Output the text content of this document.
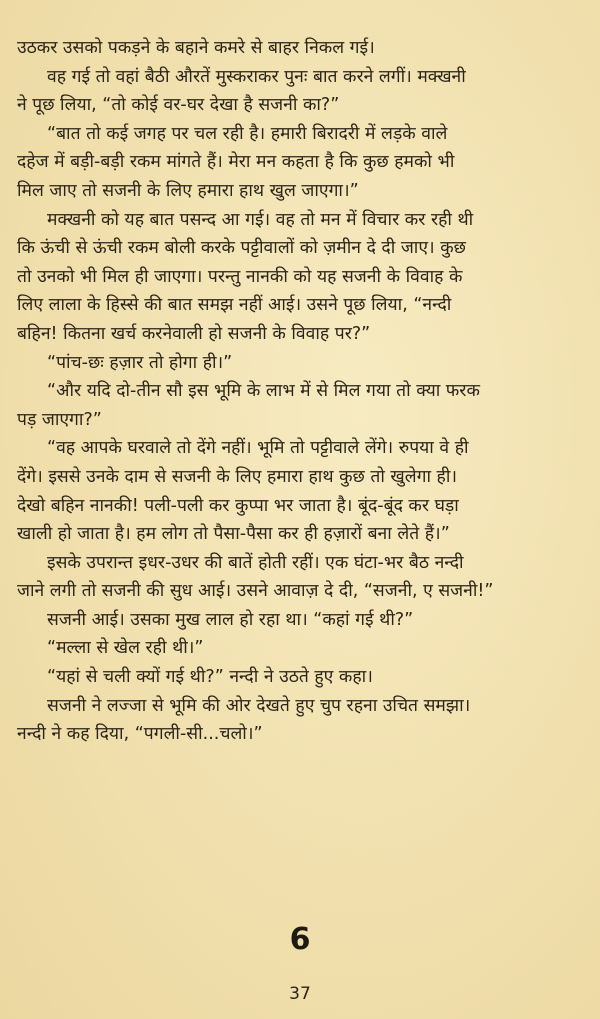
उठकर उसको पकड़ने के बहाने कमरे से बाहर निकल गई।
वह गई तो वहां बैठी औरतें मुस्कराकर पुनः बात करने लगीं। मक्खनी
ने पूछ लिया, “तो कोई वर-घर देखा है सजनी का?”
“बात तो कई जगह पर चल रही है। हमारी बिरादरी में लड़के वाले
दहेज में बड़ी-बड़ी रकम मांगते हैं। मेरा मन कहता है कि कुछ हमको भी
मिल जाए तो सजनी के लिए हमारा हाथ खुल जाएगा।”
मक्खनी को यह बात पसन्द आ गई। वह तो मन में विचार कर रही थी
कि ऊंची से ऊंची रकम बोली करके पट्टीवालों को ज़मीन दे दी जाए। कुछ
तो उनको भी मिल ही जाएगा। परन्तु नानकी को यह सजनी के विवाह के
लिए लाला के हिस्से की बात समझ नहीं आई। उसने पूछ लिया, “नन्दी
बहिन! कितना खर्च करनेवाली हो सजनी के विवाह पर?”
“पांच-छः हज़ार तो होगा ही।”
“और यदि दो-तीन सौ इस भूमि के लाभ में से मिल गया तो क्या फरक
पड़ जाएगा?”
“वह आपके घरवाले तो देंगे नहीं। भूमि तो पट्टीवाले लेंगे। रुपया वे ही
देंगे। इससे उनके दाम से सजनी के लिए हमारा हाथ कुछ तो खुलेगा ही।
देखो बहिन नानकी! पली-पली कर कुप्पा भर जाता है। बूंद-बूंद कर घड़ा
खाली हो जाता है। हम लोग तो पैसा-पैसा कर ही हज़ारों बना लेते हैं।”
इसके उपरान्त इधर-उधर की बातें होती रहीं। एक घंटा-भर बैठ नन्दी
जाने लगी तो सजनी की सुध आई। उसने आवाज़ दे दी, “सजनी, ए सजनी!”
सजनी आई। उसका मुख लाल हो रहा था। “कहां गई थी?”
“मल्ला से खेल रही थी।”
“यहां से चली क्यों गई थी?” नन्दी ने उठते हुए कहा।
सजनी ने लज्जा से भूमि की ओर देखते हुए चुप रहना उचित समझा।
नन्दी ने कह दिया, “पगली-सी...चलो।”
6
37
